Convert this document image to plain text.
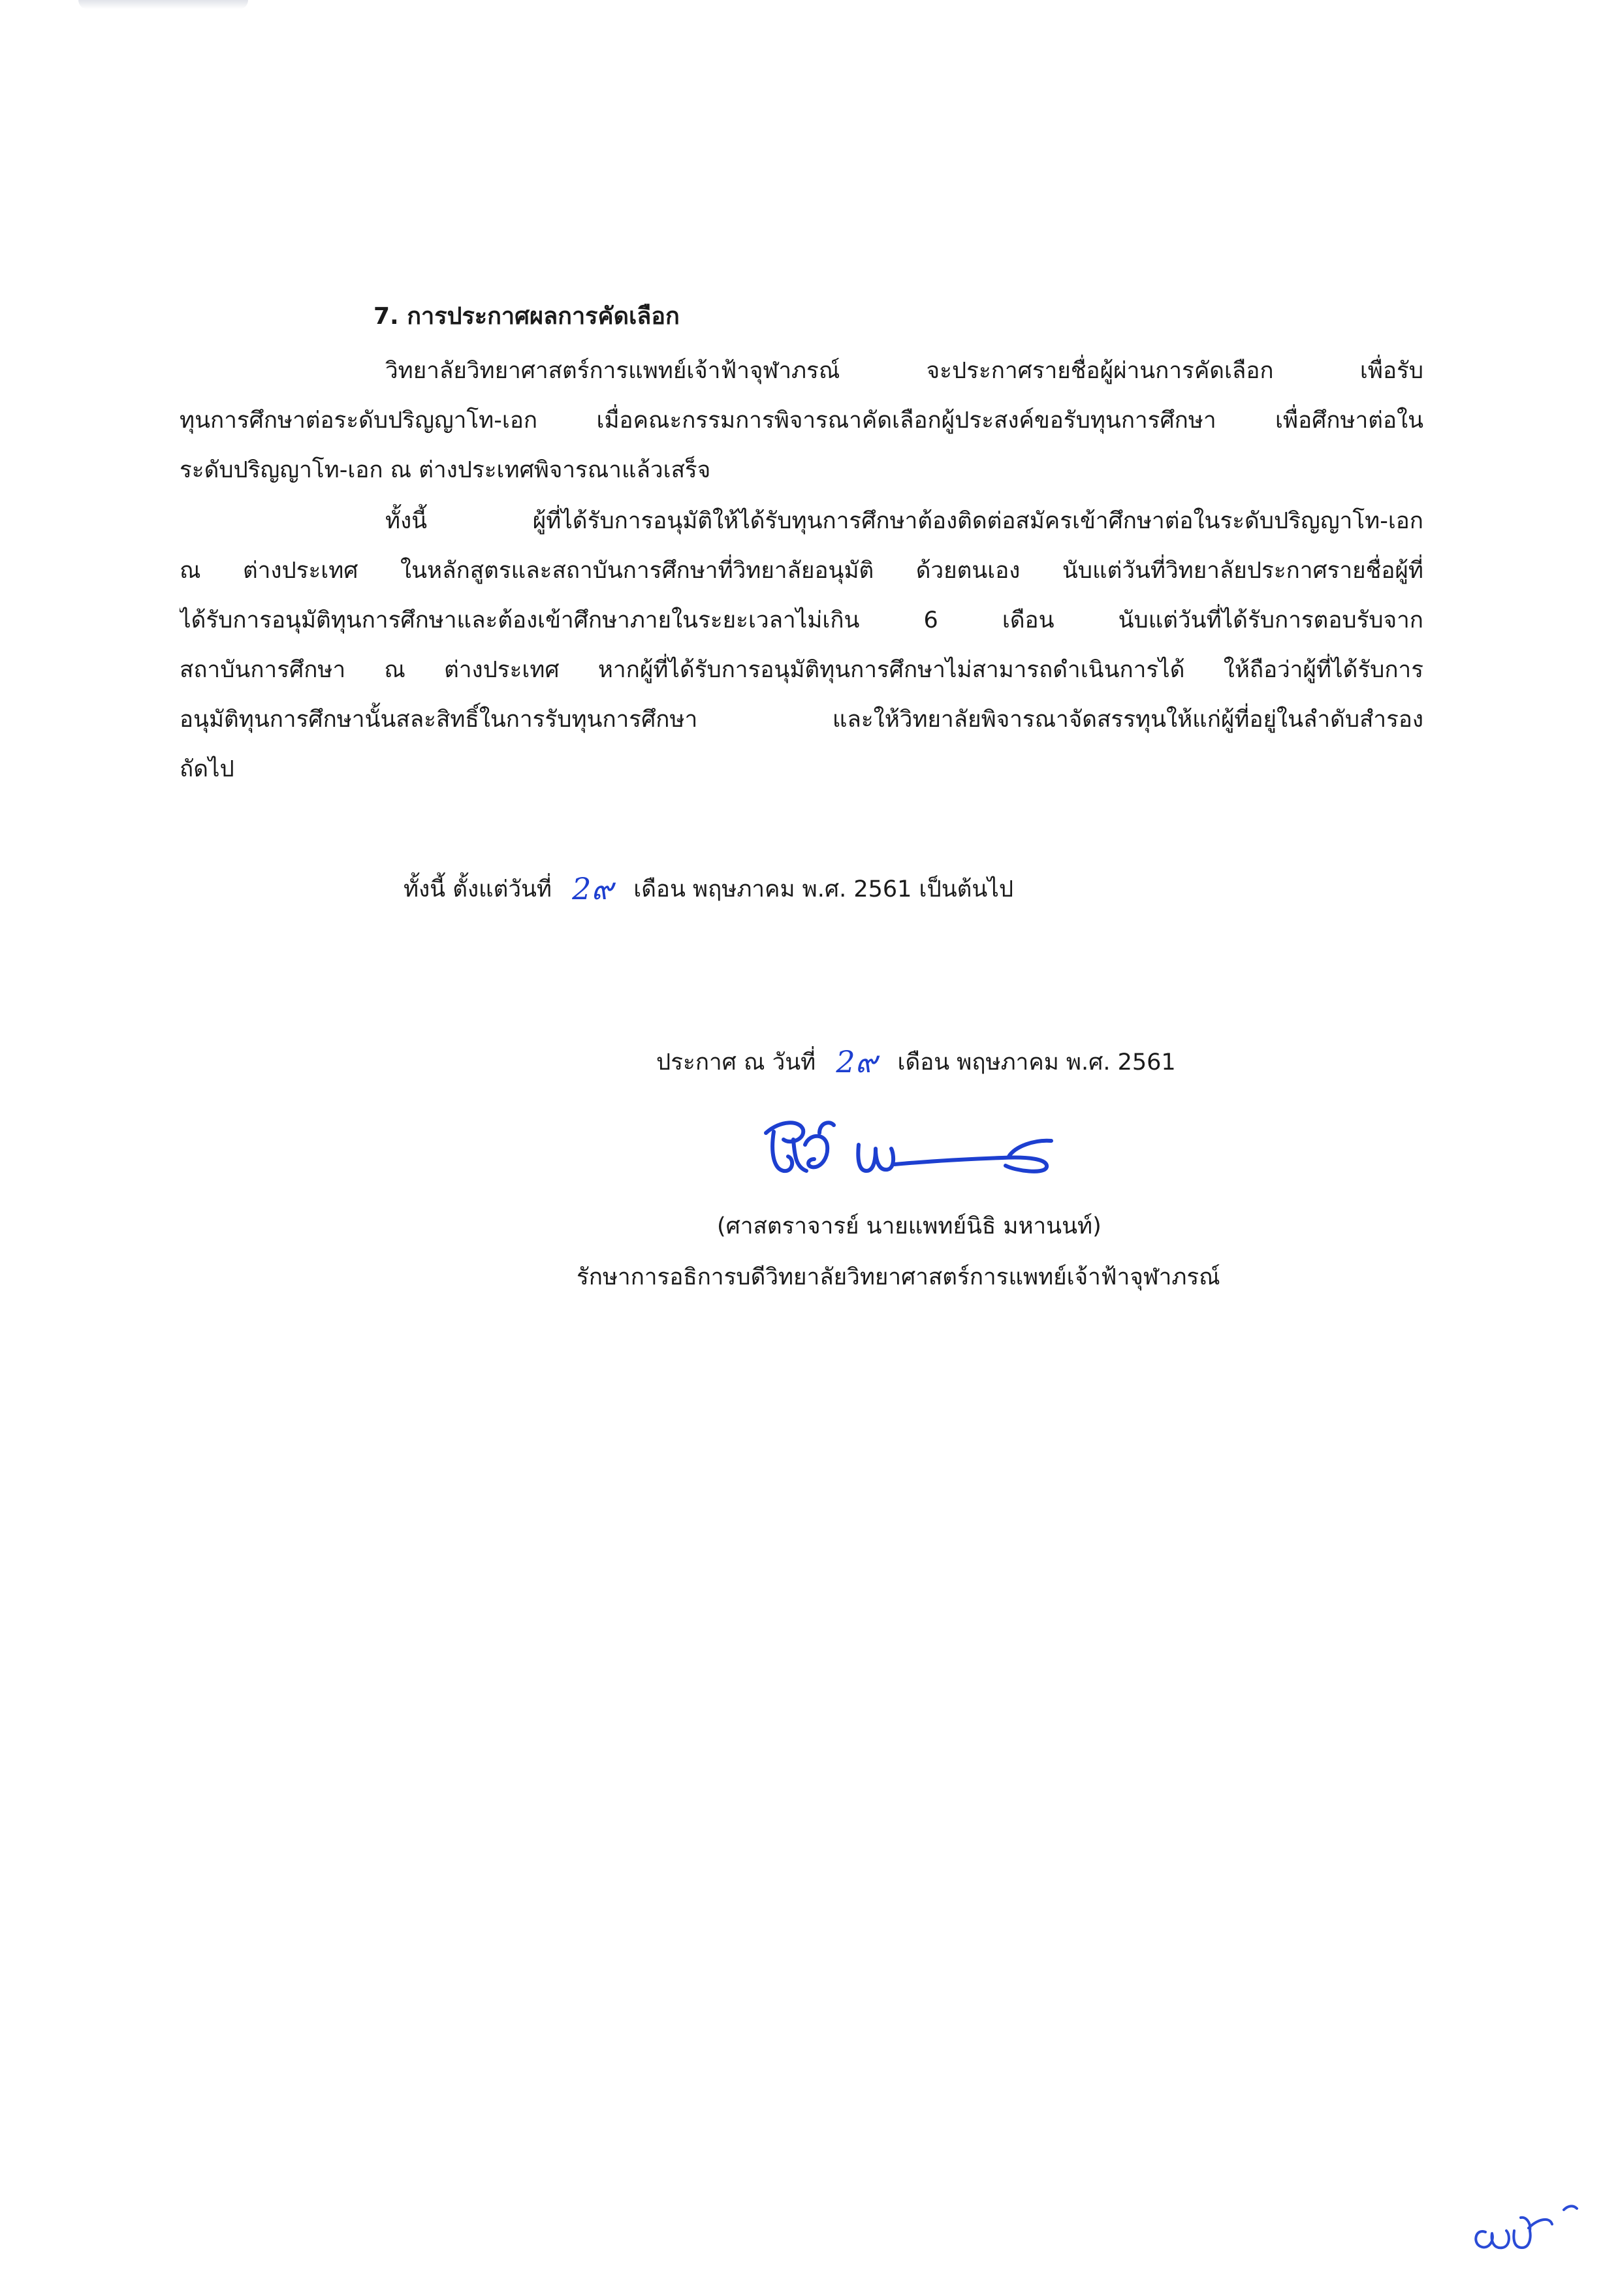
7. การประกาศผลการคัดเลือก
วิทยาลัยวิทยาศาสตร์การแพทย์เจ้าฟ้าจุฬาภรณ์ จะประกาศรายชื่อผู้ผ่านการคัดเลือก เพื่อรับ
ทุนการศึกษาต่อระดับปริญญาโท-เอก เมื่อคณะกรรมการพิจารณาคัดเลือกผู้ประสงค์ขอรับทุนการศึกษา เพื่อศึกษาต่อใน
ระดับปริญญาโท-เอก ณ ต่างประเทศพิจารณาแล้วเสร็จ
ทั้งนี้ ผู้ที่ได้รับการอนุมัติให้ได้รับทุนการศึกษาต้องติดต่อสมัครเข้าศึกษาต่อในระดับปริญญาโท-เอก
ณ ต่างประเทศ ในหลักสูตรและสถาบันการศึกษาที่วิทยาลัยอนุมัติ ด้วยตนเอง นับแต่วันที่วิทยาลัยประกาศรายชื่อผู้ที่
ได้รับการอนุมัติทุนการศึกษาและต้องเข้าศึกษาภายในระยะเวลาไม่เกิน 6 เดือน นับแต่วันที่ได้รับการตอบรับจาก
สถาบันการศึกษา ณ ต่างประเทศ หากผู้ที่ได้รับการอนุมัติทุนการศึกษาไม่สามารถดำเนินการได้ ให้ถือว่าผู้ที่ได้รับการ
อนุมัติทุนการศึกษานั้นสละสิทธิ์ในการรับทุนการศึกษา และให้วิทยาลัยพิจารณาจัดสรรทุนให้แก่ผู้ที่อยู่ในลำดับสำรอง
ถัดไป
ทั้งนี้ ตั้งแต่วันที่ 2๙ เดือน พฤษภาคม พ.ศ. 2561 เป็นต้นไป
ประกาศ ณ วันที่ 2๙ เดือน พฤษภาคม พ.ศ. 2561
(ศาสตราจารย์ นายแพทย์นิธิ มหานนท์)
รักษาการอธิการบดีวิทยาลัยวิทยาศาสตร์การแพทย์เจ้าฟ้าจุฬาภรณ์
